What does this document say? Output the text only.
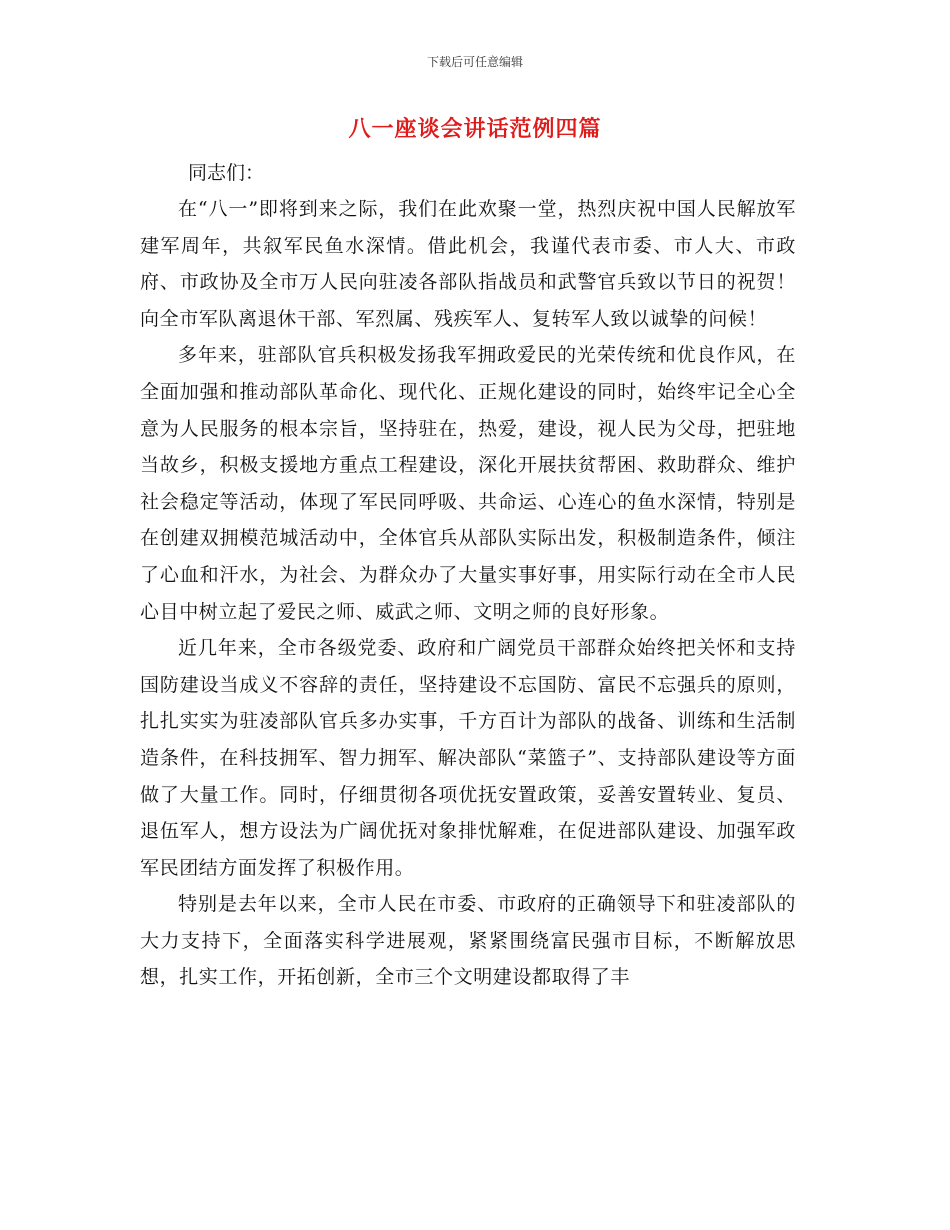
下载后可任意编辑
八一座谈会讲话范例四篇

同志们：

在“八一”即将到来之际，我们在此欢聚一堂，热烈庆祝中国人民解放军建军周年，共叙军民鱼水深情。借此机会，我谨代表市委、市人大、市政府、市政协及全市万人民向驻凌各部队指战员和武警官兵致以节日的祝贺！向全市军队离退休干部、军烈属、残疾军人、复转军人致以诚挚的问候！

多年来，驻部队官兵积极发扬我军拥政爱民的光荣传统和优良作风，在全面加强和推动部队革命化、现代化、正规化建设的同时，始终牢记全心全意为人民服务的根本宗旨，坚持驻在，热爱，建设，视人民为父母，把驻地当故乡，积极支援地方重点工程建设，深化开展扶贫帮困、救助群众、维护社会稳定等活动，体现了军民同呼吸、共命运、心连心的鱼水深情，特别是在创建双拥模范城活动中，全体官兵从部队实际出发，积极制造条件，倾注了心血和汗水，为社会、为群众办了大量实事好事，用实际行动在全市人民心目中树立起了爱民之师、威武之师、文明之师的良好形象。

近几年来，全市各级党委、政府和广阔党员干部群众始终把关怀和支持国防建设当成义不容辞的责任，坚持建设不忘国防、富民不忘强兵的原则，扎扎实实为驻凌部队官兵多办实事，千方百计为部队的战备、训练和生活制造条件，在科技拥军、智力拥军、解决部队“菜篮子”、支持部队建设等方面做了大量工作。同时，仔细贯彻各项优抚安置政策，妥善安置转业、复员、退伍军人，想方设法为广阔优抚对象排忧解难，在促进部队建设、加强军政军民团结方面发挥了积极作用。

特别是去年以来，全市人民在市委、市政府的正确领导下和驻凌部队的大力支持下，全面落实科学进展观，紧紧围绕富民强市目标，不断解放思想，扎实工作，开拓创新，全市三个文明建设都取得了丰
